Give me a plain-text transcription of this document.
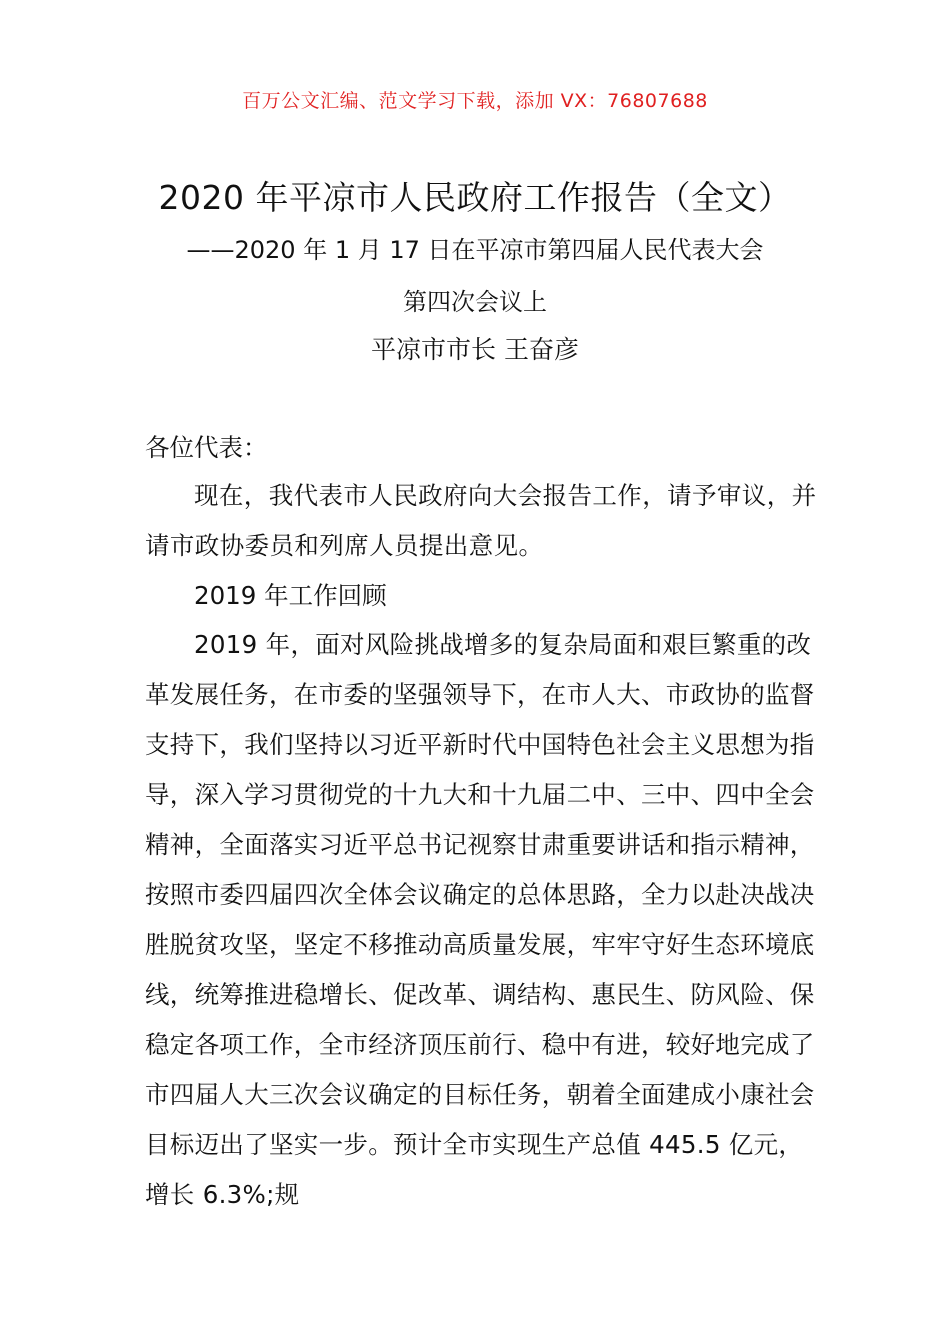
百万公文汇编、范文学习下载，添加 VX：76807688
2020 年平凉市人民政府工作报告（全文）
——2020 年 1 月 17 日在平凉市第四届人民代表大会
第四次会议上
平凉市市长 王奋彦
各位代表：

现在，我代表市人民政府向大会报告工作，请予审议，并请市政协委员和列席人员提出意见。

2019 年工作回顾

2019 年，面对风险挑战增多的复杂局面和艰巨繁重的改革发展任务，在市委的坚强领导下，在市人大、市政协的监督支持下，我们坚持以习近平新时代中国特色社会主义思想为指导，深入学习贯彻党的十九大和十九届二中、三中、四中全会精神，全面落实习近平总书记视察甘肃重要讲话和指示精神，按照市委四届四次全体会议确定的总体思路，全力以赴决战决胜脱贫攻坚，坚定不移推动高质量发展，牢牢守好生态环境底线，统筹推进稳增长、促改革、调结构、惠民生、防风险、保稳定各项工作，全市经济顶压前行、稳中有进，较好地完成了市四届人大三次会议确定的目标任务，朝着全面建成小康社会目标迈出了坚实一步。预计全市实现生产总值 445.5 亿元，增长 6.3%;规
